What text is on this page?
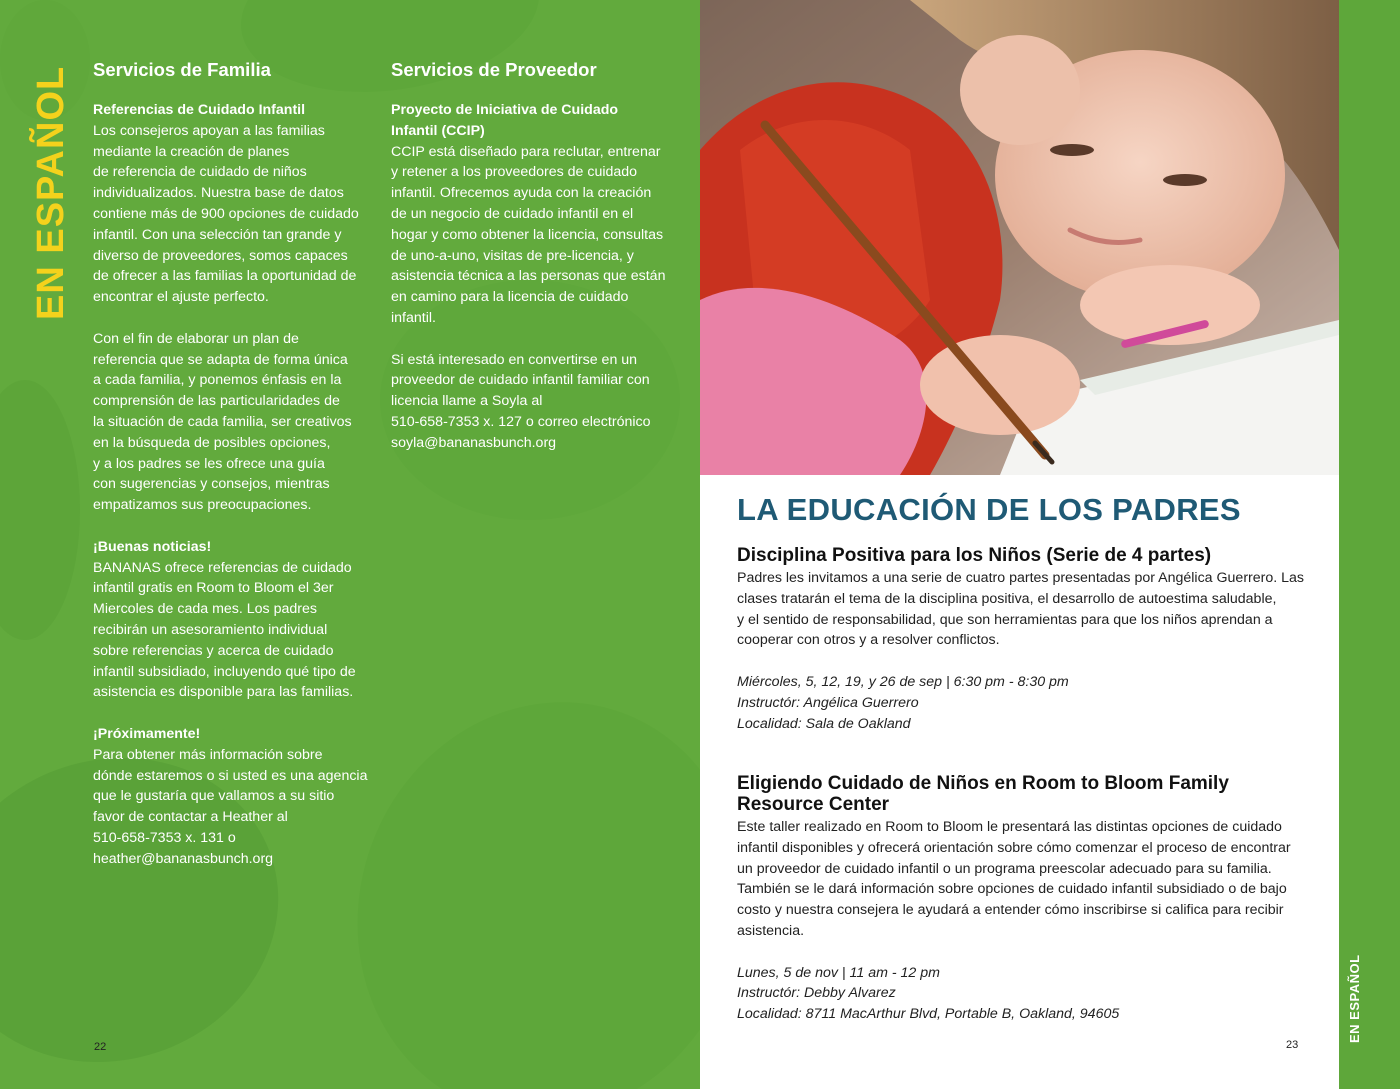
EN ESPAÑOL Servicios de Familia
Referencias de Cuidado Infantil
Los consejeros apoyan a las familias
mediante la creación de planes
de referencia de cuidado de niños
individualizados. Nuestra base de datos
contiene más de 900 opciones de cuidado
infantil. Con una selección tan grande y
diverso de proveedores, somos capaces
de ofrecer a las familias la oportunidad de
encontrar el ajuste perfecto.
Con el fin de elaborar un plan de
referencia que se adapta de forma única
a cada familia, y ponemos énfasis en la
comprensión de las particularidades de
la situación de cada familia, ser creativos
en la búsqueda de posibles opciones,
y a los padres se les ofrece una guía
con sugerencias y consejos, mientras
empatizamos sus preocupaciones.
¡Buenas noticias!
BANANAS ofrece referencias de cuidado
infantil gratis en Room to Bloom el 3er
Miercoles de cada mes. Los padres
recibirán un asesoramiento individual
sobre referencias y acerca de cuidado
infantil subsidiado, incluyendo qué tipo de
asistencia es disponible para las familias.
¡Próximamente!
Para obtener más información sobre
dónde estaremos o si usted es una agencia
que le gustaría que vallamos a su sitio
favor de contactar a Heather al
510-658-7353 x. 131 o
heather@bananasbunch.org
Servicios de Proveedor
Proyecto de Iniciativa de Cuidado
Infantil (CCIP)
CCIP está diseñado para reclutar, entrenar
y retener a los proveedores de cuidado
infantil. Ofrecemos ayuda con la creación
de un negocio de cuidado infantil en el
hogar y como obtener la licencia, consultas
de uno-a-uno, visitas de pre-licencia, y
asistencia técnica a las personas que están
en camino para la licencia de cuidado
infantil.
Si está interesado en convertirse en un
proveedor de cuidado infantil familiar con
licencia llame a Soyla al
510-658-7353 x. 127 o correo electrónico
soyla@bananasbunch.org
22
LA EDUCACIÓN DE LOS PADRES
Disciplina Positiva para los Niños (Serie de 4 partes)
Padres les invitamos a una serie de cuatro partes presentadas por Angélica Guerrero. Las
clases tratarán el tema de la disciplina positiva, el desarrollo de autoestima saludable,
y el sentido de responsabilidad, que son herramientas para que los niños aprendan a
cooperar con otros y a resolver conflictos.
Miércoles, 5, 12, 19, y 26 de sep | 6:30 pm - 8:30 pm
Instructór: Angélica Guerrero
Localidad: Sala de Oakland
Eligiendo Cuidado de Niños en Room to Bloom Family
Resource Center
Este taller realizado en Room to Bloom le presentará las distintas opciones de cuidado
infantil disponibles y ofrecerá orientación sobre cómo comenzar el proceso de encontrar
un proveedor de cuidado infantil o un programa preescolar adecuado para su familia.
También se le dará información sobre opciones de cuidado infantil subsidiado o de bajo
costo y nuestra consejera le ayudará a entender cómo inscribirse si califica para recibir
asistencia.
Lunes, 5 de nov | 11 am - 12 pm
Instructór: Debby Alvarez
Localidad: 8711 MacArthur Blvd, Portable B, Oakland, 94605
23
EN ESPAÑOL
